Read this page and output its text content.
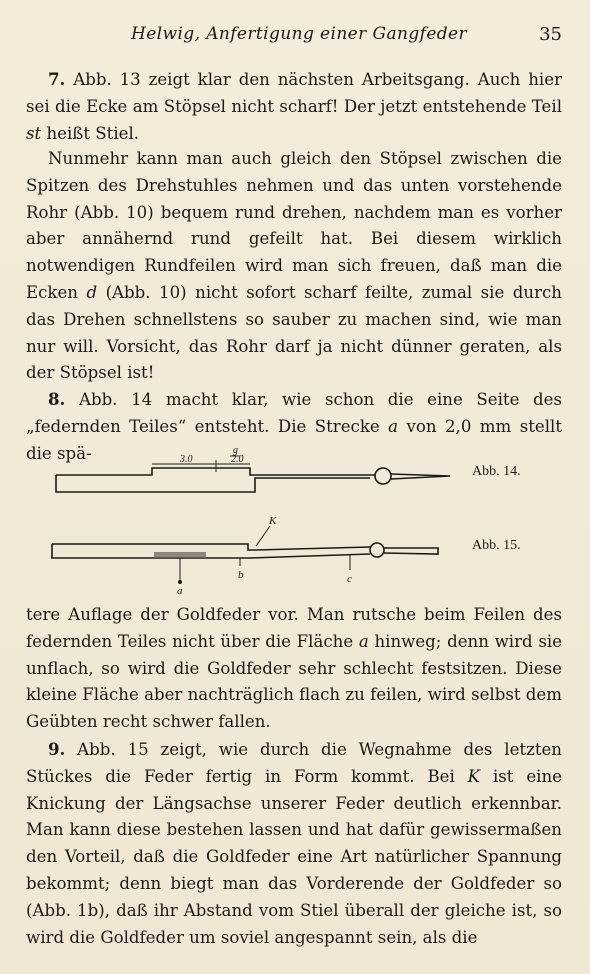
Helwig, Anfertigung einer Gangfeder	35

7. Abb. 13 zeigt klar den nächsten Arbeitsgang. Auch hier sei die Ecke am Stöpsel nicht scharf! Der jetzt entstehende Teil st heißt Stiel.

Nunmehr kann man auch gleich den Stöpsel zwischen die Spitzen des Drehstuhles nehmen und das unten vorstehende Rohr (Abb. 10) bequem rund drehen, nachdem man es vorher aber annähernd rund gefeilt hat. Bei diesem wirklich notwendigen Rundfeilen wird man sich freuen, daß man die Ecken d (Abb. 10) nicht sofort scharf feilte, zumal sie durch das Drehen schnellstens so sauber zu machen sind, wie man nur will. Vorsicht, das Rohr darf ja nicht dünner geraten, als der Stöpsel ist!

8. Abb. 14 macht klar, wie schon die eine Seite des „federnden Teiles“ entsteht. Die Strecke a von 2,0 mm stellt die spä-	3.0	2.0
g
Abb. 14.
K
a
b	c
Abb. 15.

tere Auflage der Goldfeder vor. Man rutsche beim Feilen des federnden Teiles nicht über die Fläche a hinweg; denn wird sie unflach, so wird die Goldfeder sehr schlecht festsitzen. Diese kleine Fläche aber nachträglich flach zu feilen, wird selbst dem Geübten recht schwer fallen.

9. Abb. 15 zeigt, wie durch die Wegnahme des letzten Stückes die Feder fertig in Form kommt. Bei K ist eine Knickung der Längsachse unserer Feder deutlich erkennbar. Man kann diese bestehen lassen und hat dafür gewissermaßen den Vorteil, daß die Goldfeder eine Art natürlicher Spannung bekommt; denn biegt man das Vorderende der Goldfeder so (Abb. 1b), daß ihr Abstand vom Stiel überall der gleiche ist, so wird die Goldfeder um soviel angespannt sein, als die
